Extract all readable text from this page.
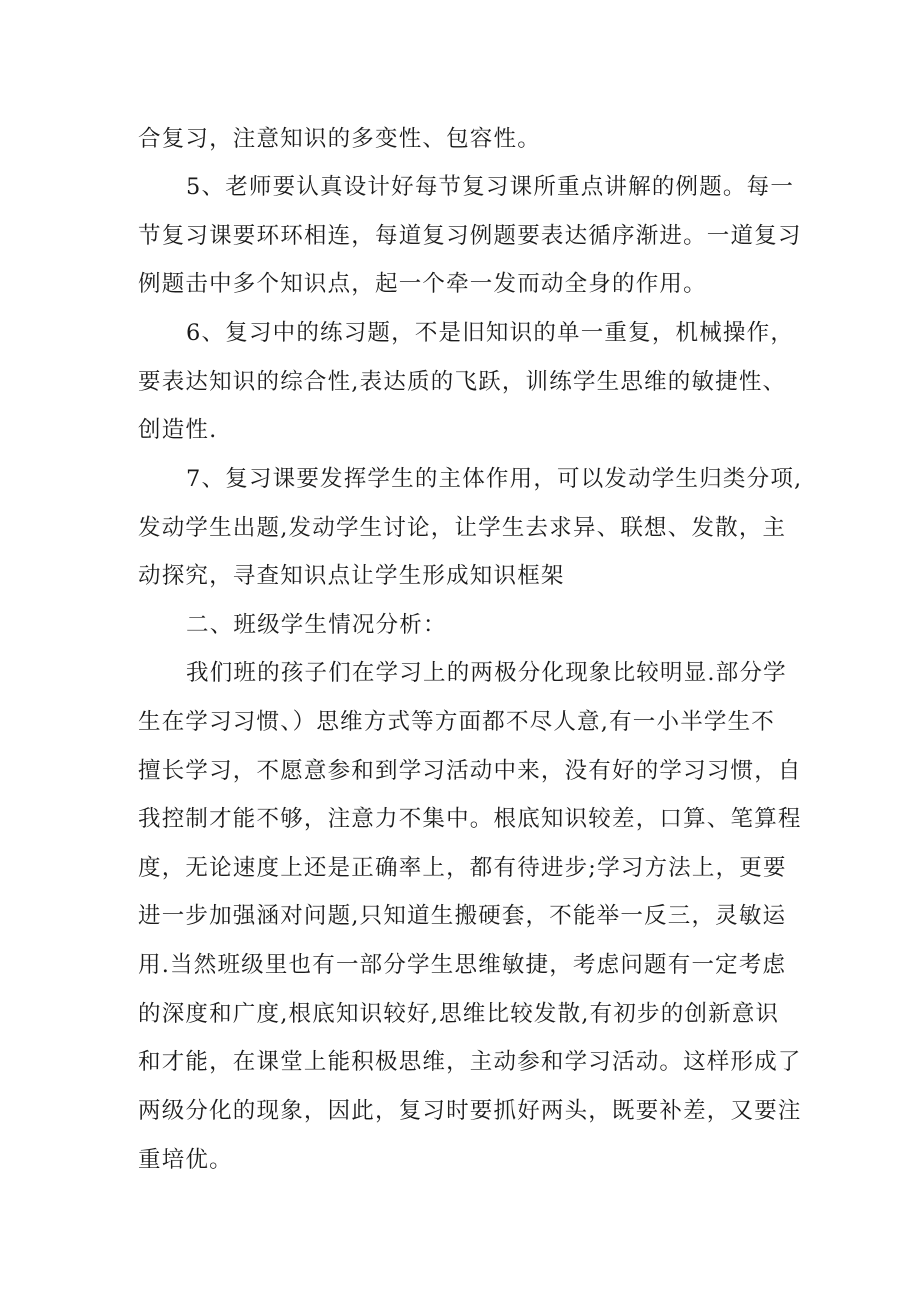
合复习，注意知识的多变性、包容性。
5、老师要认真设计好每节复习课所重点讲解的例题。每一
节复习课要环环相连，每道复习例题要表达循序渐进。一道复习
例题击中多个知识点，起一个牵一发而动全身的作用。
6、复习中的练习题，不是旧知识的单一重复，机械操作，
要表达知识的综合性,表达质的飞跃，训练学生思维的敏捷性、
创造性.
7、复习课要发挥学生的主体作用，可以发动学生归类分项,
发动学生出题,发动学生讨论，让学生去求异、联想、发散，主
动探究，寻查知识点让学生形成知识框架
二、班级学生情况分析：
我们班的孩子们在学习上的两极分化现象比较明显.部分学
生在学习习惯、）思维方式等方面都不尽人意,有一小半学生不
擅长学习，不愿意参和到学习活动中来，没有好的学习习惯，自
我控制才能不够，注意力不集中。根底知识较差，口算、笔算程
度，无论速度上还是正确率上，都有待进步;学习方法上，更要
进一步加强涵对问题,只知道生搬硬套，不能举一反三，灵敏运
用.当然班级里也有一部分学生思维敏捷，考虑问题有一定考虑
的深度和广度,根底知识较好,思维比较发散,有初步的创新意识
和才能，在课堂上能积极思维，主动参和学习活动。这样形成了
两级分化的现象，因此，复习时要抓好两头，既要补差，又要注
重培优。
